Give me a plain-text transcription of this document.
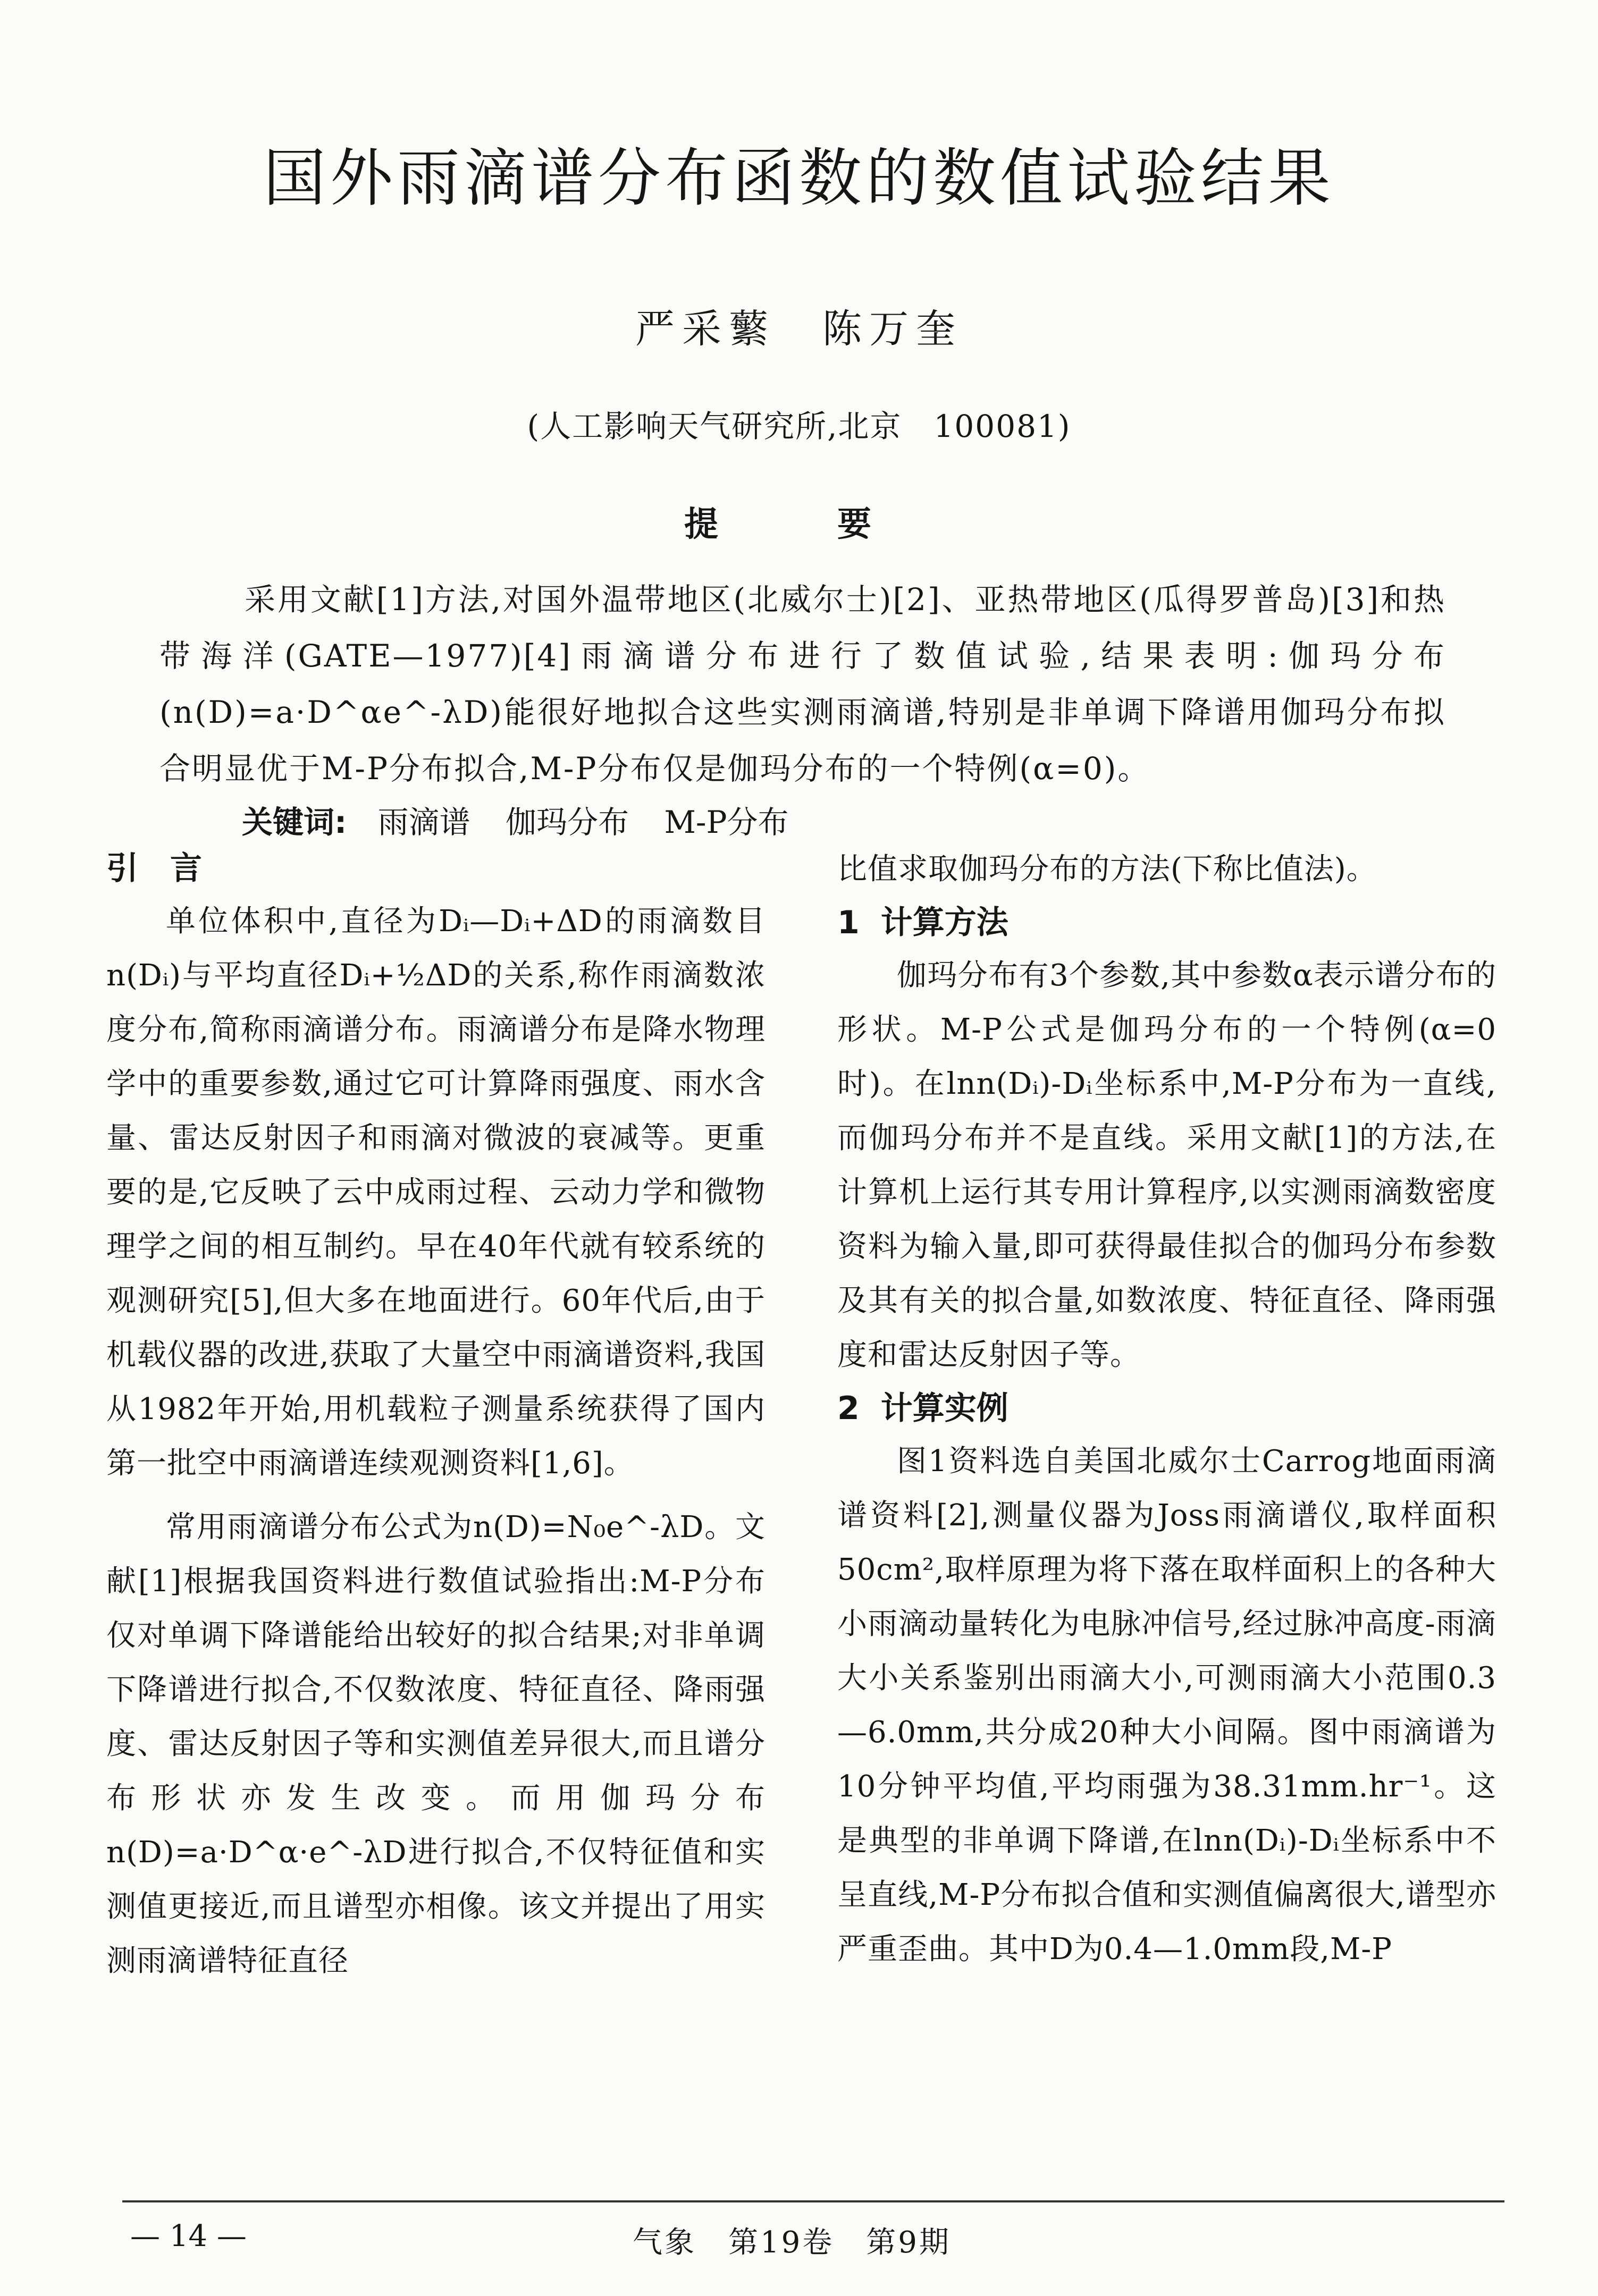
国外雨滴谱分布函数的数值试验结果
严采蘩　陈万奎
(人工影响天气研究所,北京　100081)
提　要

采用文献[1]方法,对国外温带地区(北威尔士)[2]、亚热带地区(瓜得罗普岛)[3]和热带海洋(GATE—1977)[4]雨滴谱分布进行了数值试验,结果表明:伽玛分布(n(D)=a·D^αe^-λD)能很好地拟合这些实测雨滴谱,特别是非单调下降谱用伽玛分布拟合明显优于M-P分布拟合,M-P分布仅是伽玛分布的一个特例(α=0)。

关键词: 雨滴谱 伽玛分布 M-P分布
引　言

单位体积中,直径为Dᵢ—Dᵢ+ΔD的雨滴数目n(Dᵢ)与平均直径Dᵢ+½ΔD的关系,称作雨滴数浓度分布,简称雨滴谱分布。雨滴谱分布是降水物理学中的重要参数,通过它可计算降雨强度、雨水含量、雷达反射因子和雨滴对微波的衰减等。更重要的是,它反映了云中成雨过程、云动力学和微物理学之间的相互制约。早在40年代就有较系统的观测研究[5],但大多在地面进行。60年代后,由于机载仪器的改进,获取了大量空中雨滴谱资料,我国从1982年开始,用机载粒子测量系统获得了国内第一批空中雨滴谱连续观测资料[1,6]。

常用雨滴谱分布公式为n(D)=N₀e^-λD。文献[1]根据我国资料进行数值试验指出:M-P分布仅对单调下降谱能给出较好的拟合结果;对非单调下降谱进行拟合,不仅数浓度、特征直径、降雨强度、雷达反射因子等和实测值差异很大,而且谱分布形状亦发生改变。而用伽玛分布n(D)=a·D^α·e^-λD进行拟合,不仅特征值和实测值更接近,而且谱型亦相像。该文并提出了用实测雨滴谱特征直径

比值求取伽玛分布的方法(下称比值法)。

1 计算方法

伽玛分布有3个参数,其中参数α表示谱分布的形状。M-P公式是伽玛分布的一个特例(α=0时)。在lnn(Dᵢ)-Dᵢ坐标系中,M-P分布为一直线,而伽玛分布并不是直线。采用文献[1]的方法,在计算机上运行其专用计算程序,以实测雨滴数密度资料为输入量,即可获得最佳拟合的伽玛分布参数及其有关的拟合量,如数浓度、特征直径、降雨强度和雷达反射因子等。

2 计算实例

图1资料选自美国北威尔士Carrog地面雨滴谱资料[2],测量仪器为Joss雨滴谱仪,取样面积50cm²,取样原理为将下落在取样面积上的各种大小雨滴动量转化为电脉冲信号,经过脉冲高度-雨滴大小关系鉴别出雨滴大小,可测雨滴大小范围0.3—6.0mm,共分成20种大小间隔。图中雨滴谱为10分钟平均值,平均雨强为38.31mm.hr⁻¹。这是典型的非单调下降谱,在lnn(Dᵢ)-Dᵢ坐标系中不呈直线,M-P分布拟合值和实测值偏离很大,谱型亦严重歪曲。其中D为0.4—1.0mm段,M-P

— 14 —	气象　第19卷　第9期
